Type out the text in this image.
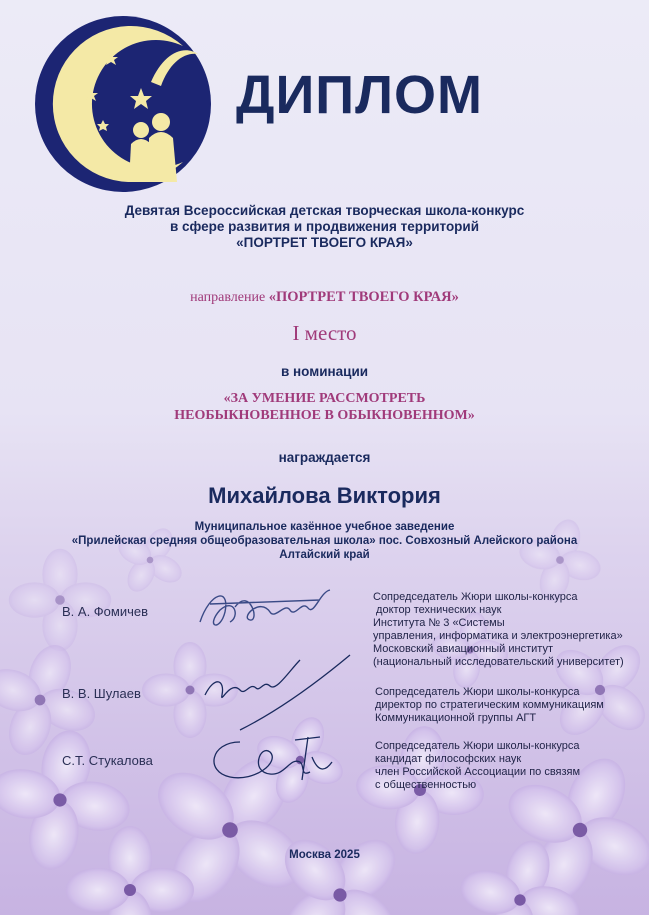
ДИПЛОМ
Девятая Всероссийская детская творческая школа-конкурс
в сфере развития и продвижения территорий
«ПОРТРЕТ ТВОЕГО КРАЯ»
направление «ПОРТРЕТ ТВОЕГО КРАЯ»
I место
в номинации
«ЗА УМЕНИЕ РАССМОТРЕТЬ
НЕОБЫКНОВЕННОЕ В ОБЫКНОВЕННОМ»
награждается
Михайлова Виктория
Муниципальное казённое учебное заведение
«Прилейская средняя общеобразовательная школа» пос. Совхозный Алейского района
Алтайский край
В. А. Фомичев
Сопредседатель Жюри школы-конкурса
доктор технических наук
Института № 3 «Системы
управления, информатика и электроэнергетика»
Московский авиационный институт
(национальный исследовательский университет)
В. В. Шулаев	Сопредседатель Жюри школы-конкурса
директор по стратегическим коммуникациям
Коммуникационной группы АГТ
С.Т. Стукалова
Сопредседатель Жюри школы-конкурса
кандидат философских наук
член Российской Ассоциации по связям
с общественностью
Москва 2025
